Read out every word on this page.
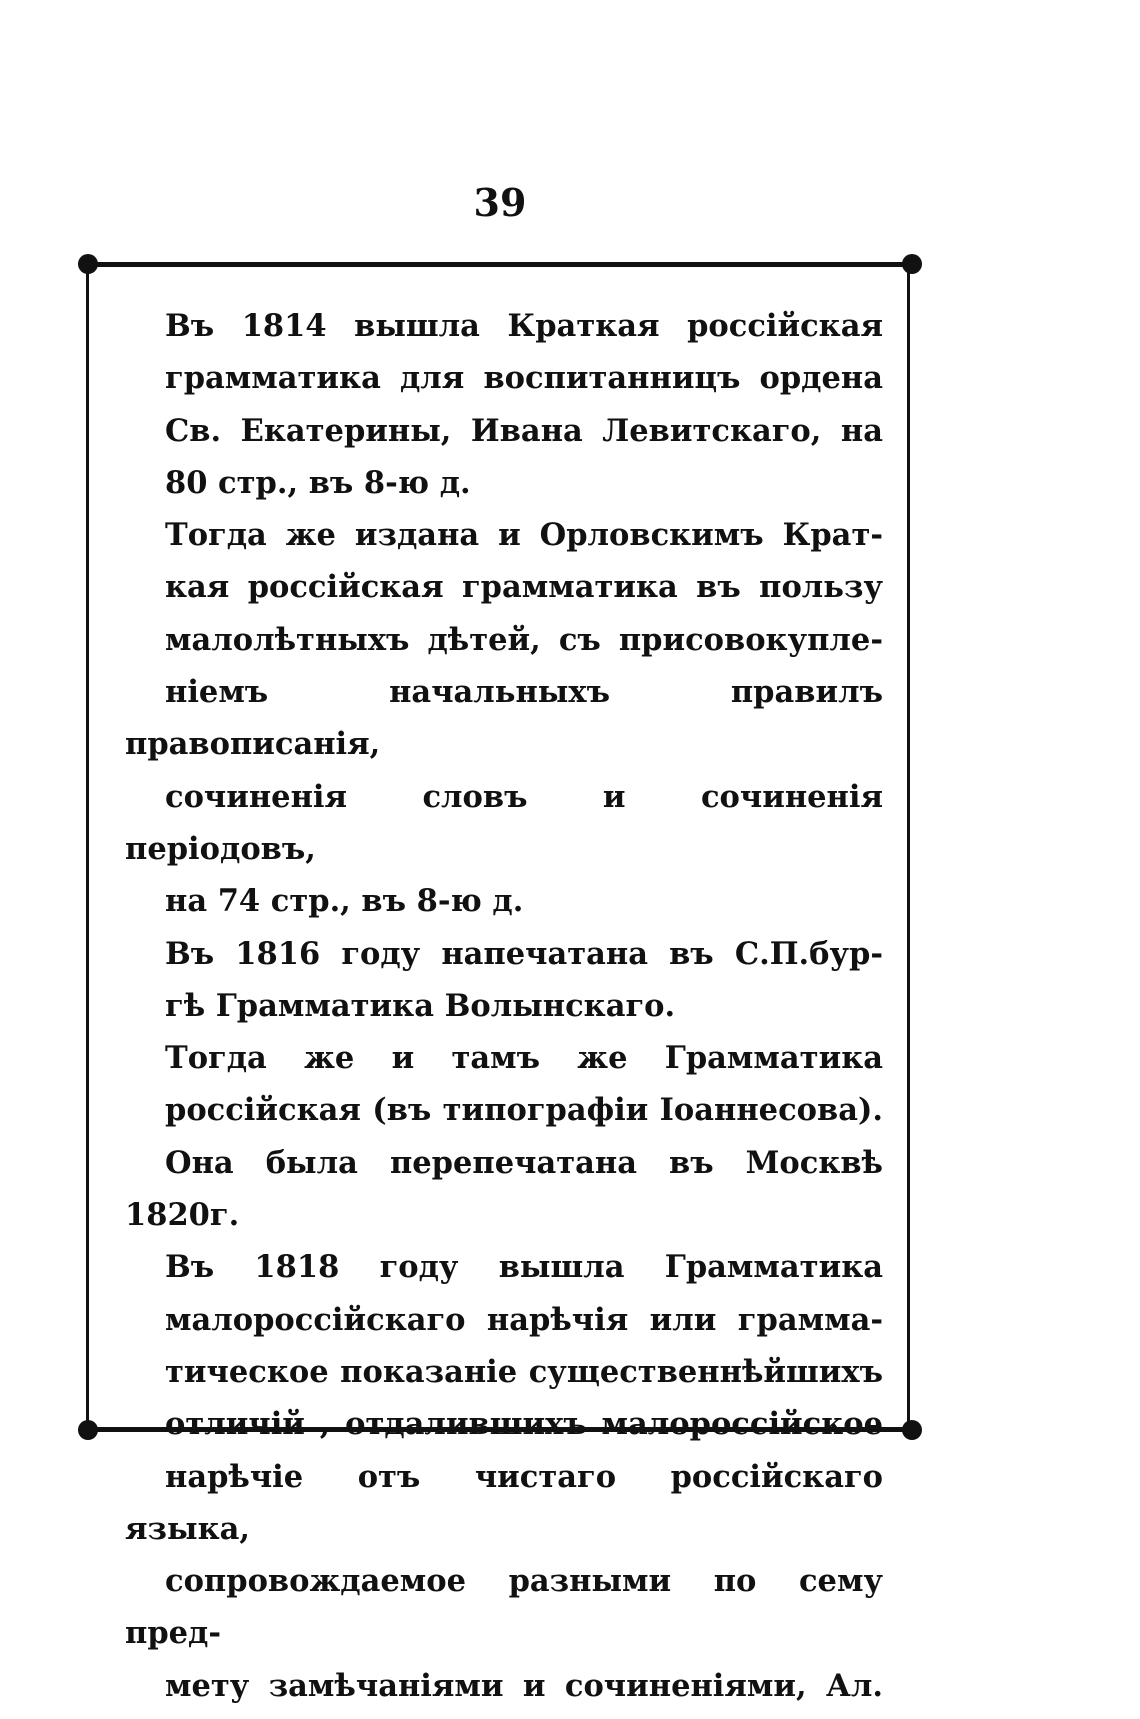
39

Въ 1814 вышла Краткая россійская
грамматика для воспитанницъ ордена
Св. Екатерины, Ивана Левитскаго, на
80 стр., въ 8-ю д.

Тогда же издана и Орловскимъ Крат-
кая россійская грамматика въ пользу
малолѣтныхъ дѣтей, съ присовокупле-
ніемъ начальныхъ правилъ правописанія,
сочиненія словъ и сочиненія періодовъ,
на 74 стр., въ 8-ю д.

Въ 1816 году напечатана въ С.П.бур-
гѣ Грамматика Волынскаго.

Тогда же и тамъ же Грамматика
россійская (въ типографіи Іоаннесова).
Она была перепечатана въ Москвѣ 1820г.

Въ 1818 году вышла Грамматика
малороссійскаго нарѣчія или грамма-
тическое показаніе существеннѣйшихъ
отличій , отдалившихъ малороссійское
нарѣчіе отъ чистаго россійскаго языка,
сопровождаемое разными по сему пред-
мету замѣчаніями и сочиненіями, Ал.
